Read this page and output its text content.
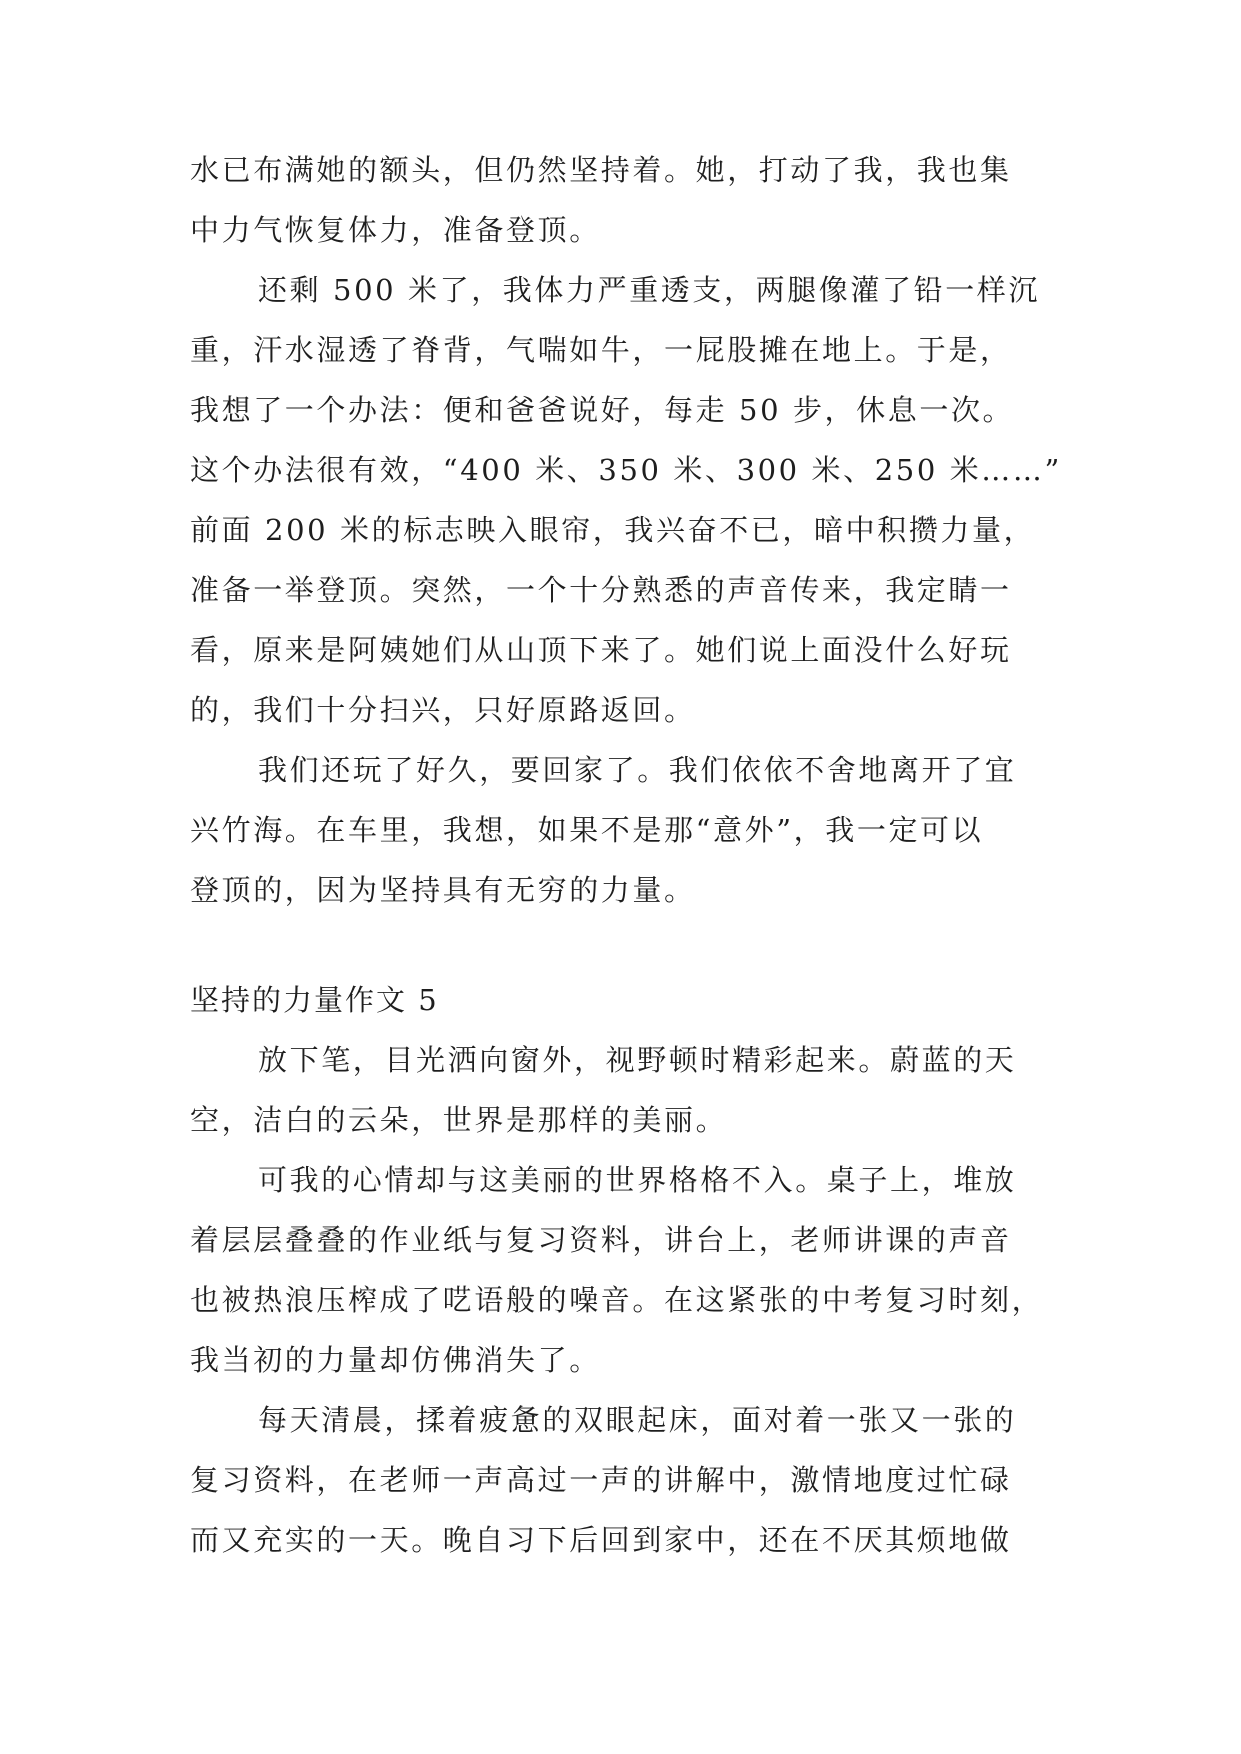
水已布满她的额头，但仍然坚持着。她，打动了我，我也集

中力气恢复体力，准备登顶。

还剩 500 米了，我体力严重透支，两腿像灌了铅一样沉

重，汗水湿透了脊背，气喘如牛，一屁股摊在地上。于是，

我想了一个办法：便和爸爸说好，每走 50 步，休息一次。

这个办法很有效，“400 米、350 米、300 米、250 米……”

前面 200 米的标志映入眼帘，我兴奋不已，暗中积攒力量，

准备一举登顶。突然，一个十分熟悉的声音传来，我定睛一

看，原来是阿姨她们从山顶下来了。她们说上面没什么好玩

的，我们十分扫兴，只好原路返回。

我们还玩了好久，要回家了。我们依依不舍地离开了宜

兴竹海。在车里，我想，如果不是那“意外”，我一定可以

登顶的，因为坚持具有无穷的力量。

坚持的力量作文 5

放下笔，目光洒向窗外，视野顿时精彩起来。蔚蓝的天

空，洁白的云朵，世界是那样的美丽。

可我的心情却与这美丽的世界格格不入。桌子上，堆放

着层层叠叠的作业纸与复习资料，讲台上，老师讲课的声音

也被热浪压榨成了呓语般的噪音。在这紧张的中考复习时刻，

我当初的力量却仿佛消失了。

每天清晨，揉着疲惫的双眼起床，面对着一张又一张的

复习资料，在老师一声高过一声的讲解中，激情地度过忙碌

而又充实的一天。晚自习下后回到家中，还在不厌其烦地做
